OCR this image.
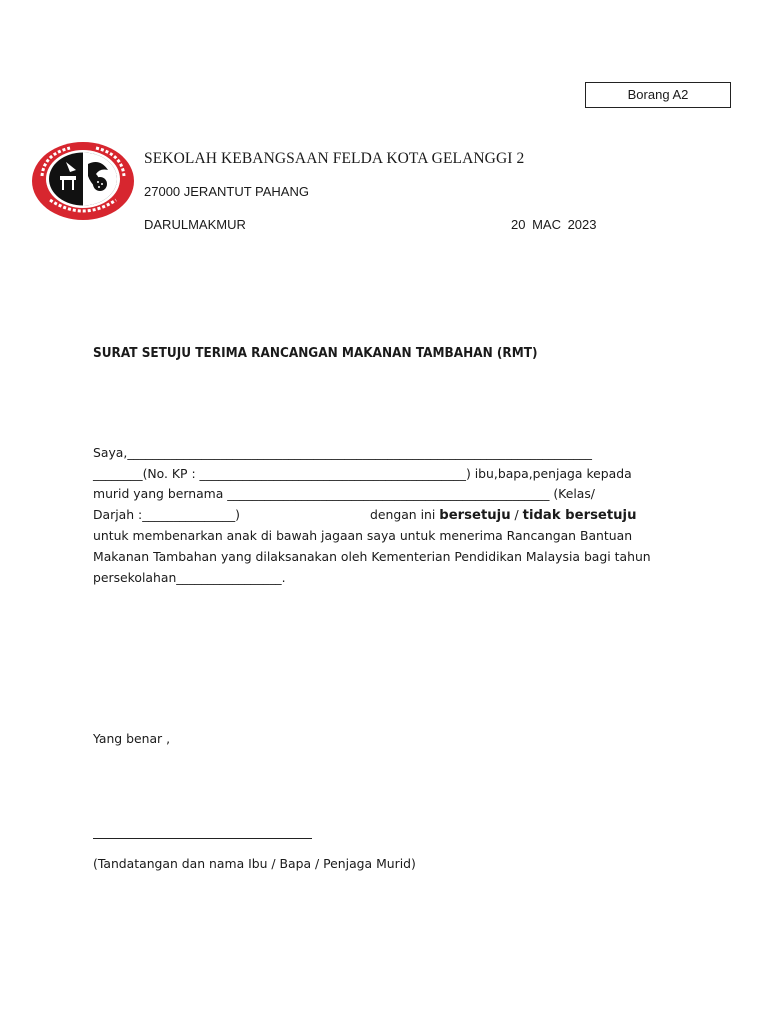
Borang A2
SEKOLAH KEBANGSAAN FELDA KOTA GELANGGI 2
27000 JERANTUT PAHANG
DARULMAKMUR	20 MAC 2023
SURAT SETUJU TERIMA RANCANGAN MAKANAN TAMBAHAN (RMT)
Saya,___________________________________________________________________________
________(No. KP : ___________________________________________) ibu,bapa,penjaga kepada
murid yang bernama ____________________________________________________ (Kelas/
Darjah :_______________)	dengan ini bersetuju / tidak bersetuju
untuk membenarkan anak di bawah jagaan saya untuk menerima Rancangan Bantuan
Makanan Tambahan yang dilaksanakan oleh Kementerian Pendidikan Malaysia bagi tahun
persekolahan_________________.
Yang benar ,
(Tandatangan dan nama Ibu / Bapa / Penjaga Murid)
